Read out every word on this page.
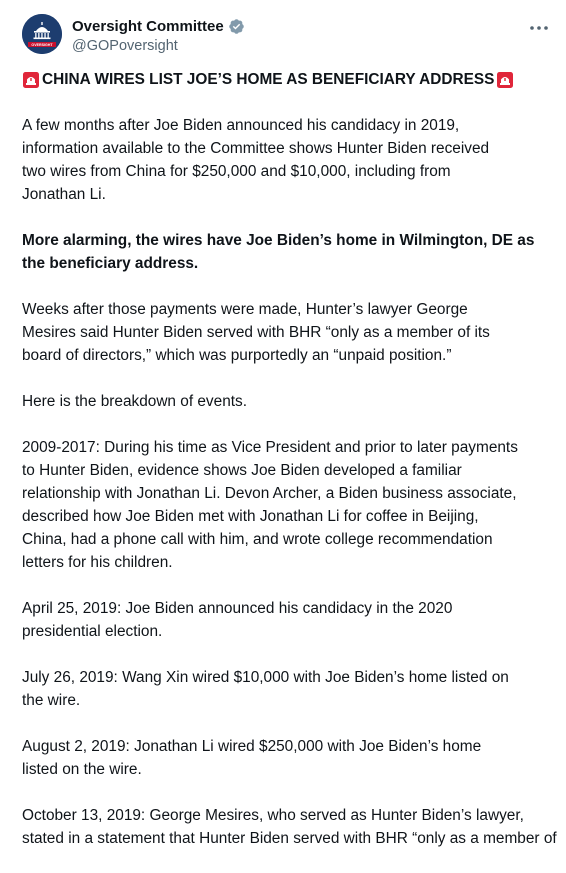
OVERSIGHT
Oversight Committee
@GOPoversight
CHINA WIRES LIST JOE’S HOME AS BENEFICIARY ADDRESS

A few months after Joe Biden announced his candidacy in 2019,
information available to the Committee shows Hunter Biden received
two wires from China for $250,000 and $10,000, including from
Jonathan Li.

More alarming, the wires have Joe Biden’s home in Wilmington, DE as
the beneficiary address.

Weeks after those payments were made, Hunter’s lawyer George
Mesires said Hunter Biden served with BHR “only as a member of its
board of directors,” which was purportedly an “unpaid position.”

Here is the breakdown of events.

2009-2017: During his time as Vice President and prior to later payments
to Hunter Biden, evidence shows Joe Biden developed a familiar
relationship with Jonathan Li. Devon Archer, a Biden business associate,
described how Joe Biden met with Jonathan Li for coffee in Beijing,
China, had a phone call with him, and wrote college recommendation
letters for his children.

April 25, 2019: Joe Biden announced his candidacy in the 2020
presidential election.

July 26, 2019: Wang Xin wired $10,000 with Joe Biden’s home listed on
the wire.

August 2, 2019: Jonathan Li wired $250,000 with Joe Biden’s home
listed on the wire.

October 13, 2019: George Mesires, who served as Hunter Biden’s lawyer,
stated in a statement that Hunter Biden served with BHR “only as a member of
